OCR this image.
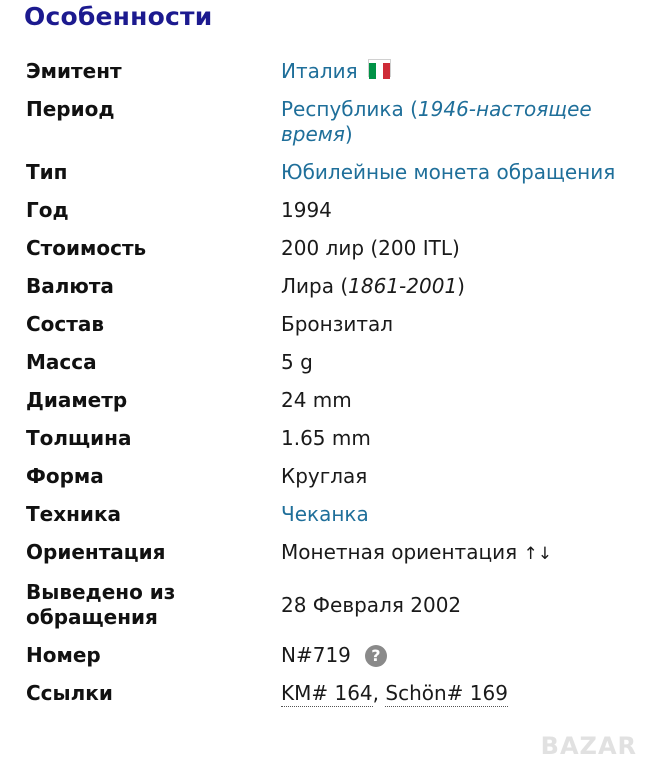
Особенности
Эмитент	Италия
Период	Республика (1946-настоящее время)
Тип	Юбилейные монета обращения
Год	1994
Стоимость	200 лир (200 ITL)
Валюта	Лира (1861-2001)
Состав	Бронзитал
Масса	5 g
Диаметр	24 mm
Толщина	1.65 mm
Форма	Круглая
Техника	Чеканка
Ориентация	Монетная ориентация ↑↓
Выведено из обращения	28 Февраля 2002
Номер	N#719 ?
Ссылки	KM# 164, Schön# 169
BAZAR
